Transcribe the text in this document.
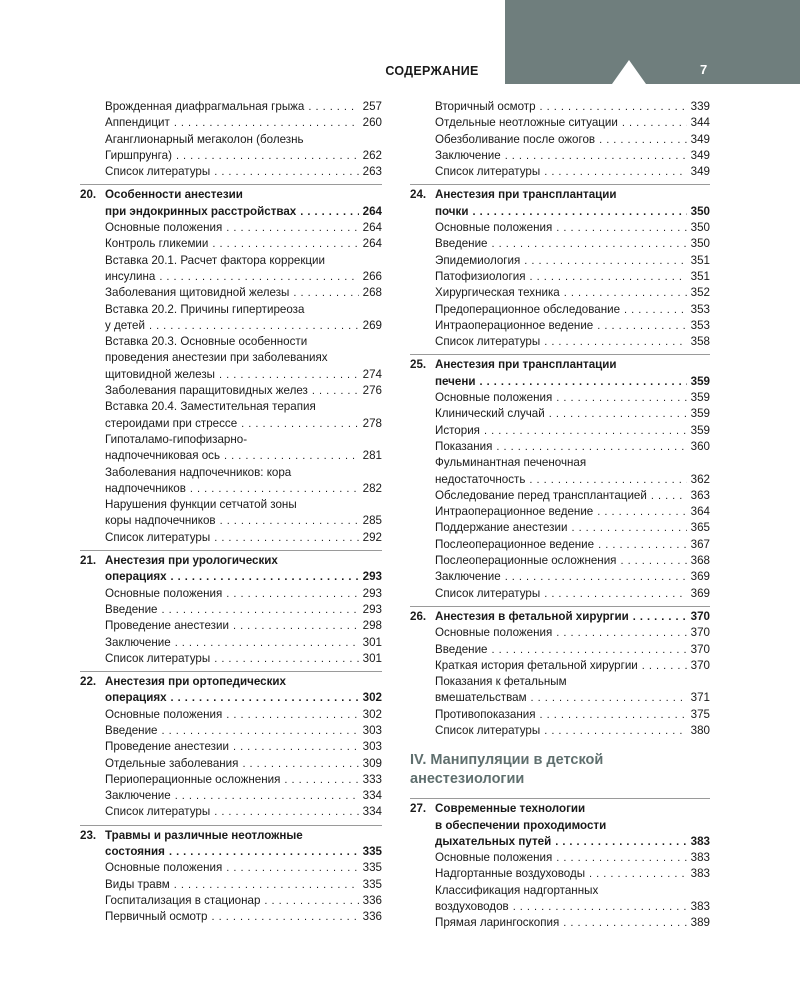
СОДЕРЖАНИЕ	7
Врожденная диафрагмальная грыжа . . .	257
Аппендицит . . .	260
Аганглионарный мегаколон (болезнь
Гиршпрунга) . . .	262
Список литературы . . .	263
20. Особенности анестезии
при эндокринных расстройствах . . .	264
Основные положения . . .	264
Контроль гликемии . . .	264
Вставка 20.1. Расчет фактора коррекции
инсулина . . .	266
Заболевания щитовидной железы . . .	268
Вставка 20.2. Причины гипертиреоза
у детей . . .	269
Вставка 20.3. Основные особенности
проведения анестезии при заболеваниях
щитовидной железы . . .	274
Заболевания паращитовидных желез . . .	276
Вставка 20.4. Заместительная терапия
стероидами при стрессе . . .	278
Гипоталамо-гипофизарно-
надпочечниковая ось . . .	281
Заболевания надпочечников: кора
надпочечников . . .	282
Нарушения функции сетчатой зоны
коры надпочечников . . .	285
Список литературы . . .	292
21. Анестезия при урологических
операциях . . .	293
Основные положения . . .	293
Введение . . .	293
Проведение анестезии . . .	298
Заключение . . .	301
Список литературы . . .	301
22. Анестезия при ортопедических
операциях . . .	302
Основные положения . . .	302
Введение . . .	303
Проведение анестезии . . .	303
Отдельные заболевания . . .	309
Периоперационные осложнения . . .	333
Заключение . . .	334
Список литературы . . .	334
23. Травмы и различные неотложные
состояния . . .	335
Основные положения . . .	335
Виды травм . . .	335
Госпитализация в стационар . . .	336
Первичный осмотр . . .	336
Вторичный осмотр . . .	339
Отдельные неотложные ситуации . . .	344
Обезболивание после ожогов . . .	349
Заключение . . .	349
Список литературы . . .	349
24. Анестезия при трансплантации
почки . . .	350
Основные положения . . .	350
Введение . . .	350
Эпидемиология . . .	351
Патофизиология . . .	351
Хирургическая техника . . .	352
Предоперационное обследование . . .	353
Интраоперационное ведение . . .	353
Список литературы . . .	358
25. Анестезия при трансплантации
печени . . .	359
Основные положения . . .	359
Клинический случай . . .	359
История . . .	359
Показания . . .	360
Фульминантная печеночная
недостаточность . . .	362
Обследование перед трансплантацией . . .	363
Интраоперационное ведение . . .	364
Поддержание анестезии . . .	365
Послеоперационное ведение . . .	367
Послеоперационные осложнения . . .	368
Заключение . . .	369
Список литературы . . .	369
26. Анестезия в фетальной хирургии . . .	370
Основные положения . . .	370
Введение . . .	370
Краткая история фетальной хирургии . . .	370
Показания к фетальным
вмешательствам . . .	371
Противопоказания . . .	375
Список литературы . . .	380
IV. Манипуляции в детской
анестезиологии
27. Современные технологии
в обеспечении проходимости
дыхательных путей . . .	383
Основные положения . . .	383
Надгортанные воздуховоды . . .	383
Классификация надгортанных
воздуховодов . . .	383
Прямая ларингоскопия . . .	389
